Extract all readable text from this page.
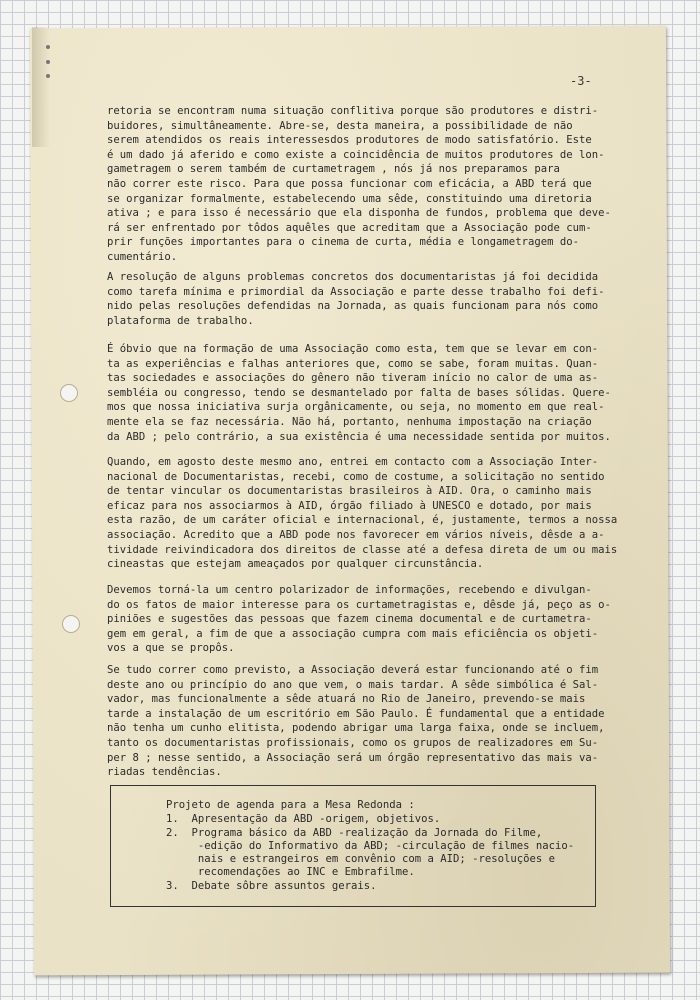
-3-

retoria se encontram numa situação conflitiva porque são produtores e distri-
buidores, simultâneamente. Abre-se, desta maneira, a possibilidade de não
serem atendidos os reais interessesdos produtores de modo satisfatório. Este
é um dado já aferido e como existe a coincidência de muitos produtores de lon-
gametragem o serem também de curtametragem , nós já nos preparamos para
não correr este risco. Para que possa funcionar com eficácia, a ABD terá que
se organizar formalmente, estabelecendo uma sêde, constituindo uma diretoria
ativa ; e para isso é necessário que ela disponha de fundos, problema que deve-
rá ser enfrentado por tôdos aquêles que acreditam que a Associação pode cum-
prir funções importantes para o cinema de curta, média e longametragem do-
cumentário.

A resolução de alguns problemas concretos dos documentaristas já foi decidida
como tarefa mínima e primordial da Associação e parte desse trabalho foi defi-
nido pelas resoluções defendidas na Jornada, as quais funcionam para nós como
plataforma de trabalho.

É óbvio que na formação de uma Associação como esta, tem que se levar em con-
ta as experiências e falhas anteriores que, como se sabe, foram muitas. Quan-
tas sociedades e associações do gênero não tiveram início no calor de uma as-
sembléia ou congresso, tendo se desmantelado por falta de bases sólidas. Quere-
mos que nossa iniciativa surja orgânicamente, ou seja, no momento em que real-
mente ela se faz necessária. Não há, portanto, nenhuma impostação na criação
da ABD ; pelo contrário, a sua existência é uma necessidade sentida por muitos.

Quando, em agosto deste mesmo ano, entrei em contacto com a Associação Inter-
nacional de Documentaristas, recebi, como de costume, a solicitação no sentido
de tentar vincular os documentaristas brasileiros à AID. Ora, o caminho mais
eficaz para nos associarmos à AID, órgão filiado à UNESCO e dotado, por mais
esta razão, de um caráter oficial e internacional, é, justamente, termos a nossa
associação. Acredito que a ABD pode nos favorecer em vários níveis, dêsde a a-
tividade reivindicadora dos direitos de classe até a defesa direta de um ou mais
cineastas que estejam ameaçados por qualquer circunstância.

Devemos torná-la um centro polarizador de informações, recebendo e divulgan-
do os fatos de maior interesse para os curtametragistas e, dêsde já, peço as o-
piniões e sugestões das pessoas que fazem cinema documental e de curtametra-
gem em geral, a fim de que a associação cumpra com mais eficiência os objeti-
vos a que se propôs.

Se tudo correr como previsto, a Associação deverá estar funcionando até o fim
deste ano ou princípio do ano que vem, o mais tardar. A sêde simbólica é Sal-
vador, mas funcionalmente a sêde atuará no Rio de Janeiro, prevendo-se mais
tarde a instalação de um escritório em São Paulo. É fundamental que a entidade
não tenha um cunho elitista, podendo abrigar uma larga faixa, onde se incluem,
tanto os documentaristas profissionais, como os grupos de realizadores em Su-
per 8 ; nesse sentido, a Associação será um órgão representativo das mais va-
riadas tendências.

Projeto de agenda para a Mesa Redonda :
1.  Apresentação da ABD -origem, objetivos.
2.  Programa básico da ABD -realização da Jornada do Filme,
-edição do Informativo da ABD; -circulação de filmes nacio-
nais e estrangeiros em convênio com a AID; -resoluções e
recomendações ao INC e Embrafilme.
3.  Debate sôbre assuntos gerais.
